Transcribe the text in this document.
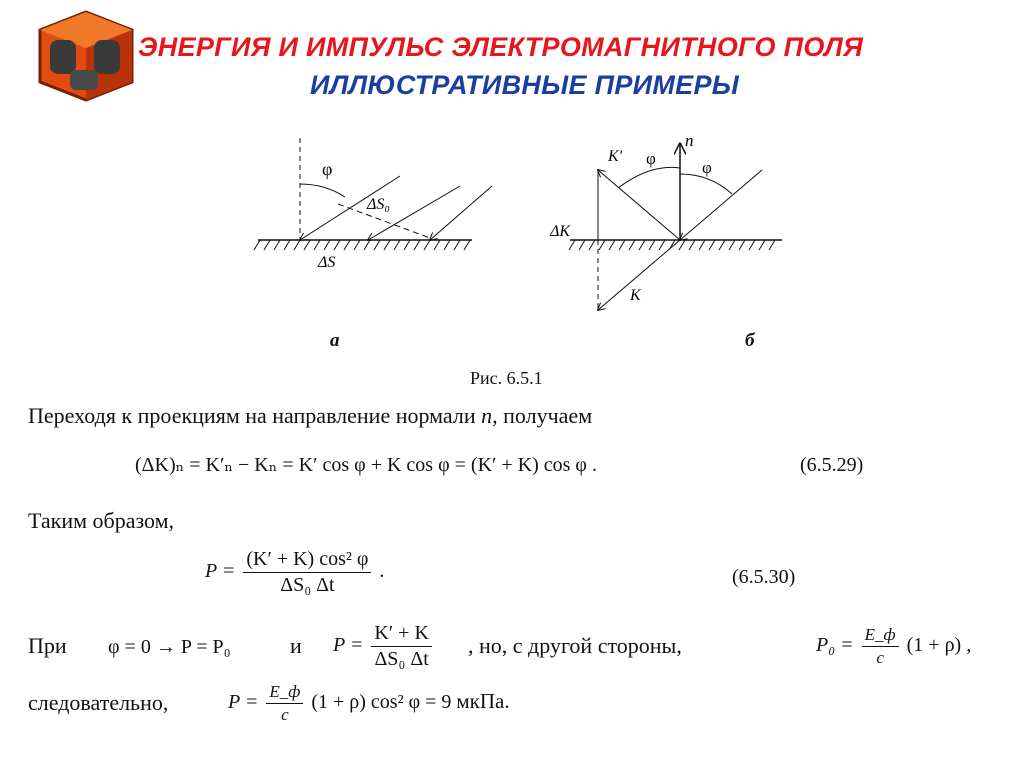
ЭНЕРГИЯ И ИМПУЛЬС ЭЛЕКТРОМАГНИТНОГО ПОЛЯ
ИЛЛЮСТРАТИВНЫЕ ПРИМЕРЫ
φ
ΔS₀
ΔS
K′
n
φ	φ
ΔK
K
а	б
Рис. 6.5.1
Переходя к проекциям на направление нормали n, получаем
(ΔK)ₙ = K′ₙ − Kₙ = K′ cos φ + K cos φ = (K′ + K) cos φ .	(6.5.29)
Таким образом,
$P = \frac{\text{(K′ + K) cos² φ}}{\text{ΔS₀ Δt}}$ .	(6.5.30)
При φ = 0 → P = P₀	и $P = \frac{K' + K}{\text{ΔS₀ Δt}}$ , но, с другой стороны,	$P_0 = \frac{E\_ф}{c} (1 + \rho)$ ,
следовательно,	$P = \frac{E\_ф}{c} (1 + \rho)$ cos² φ = 9 мкПа.
